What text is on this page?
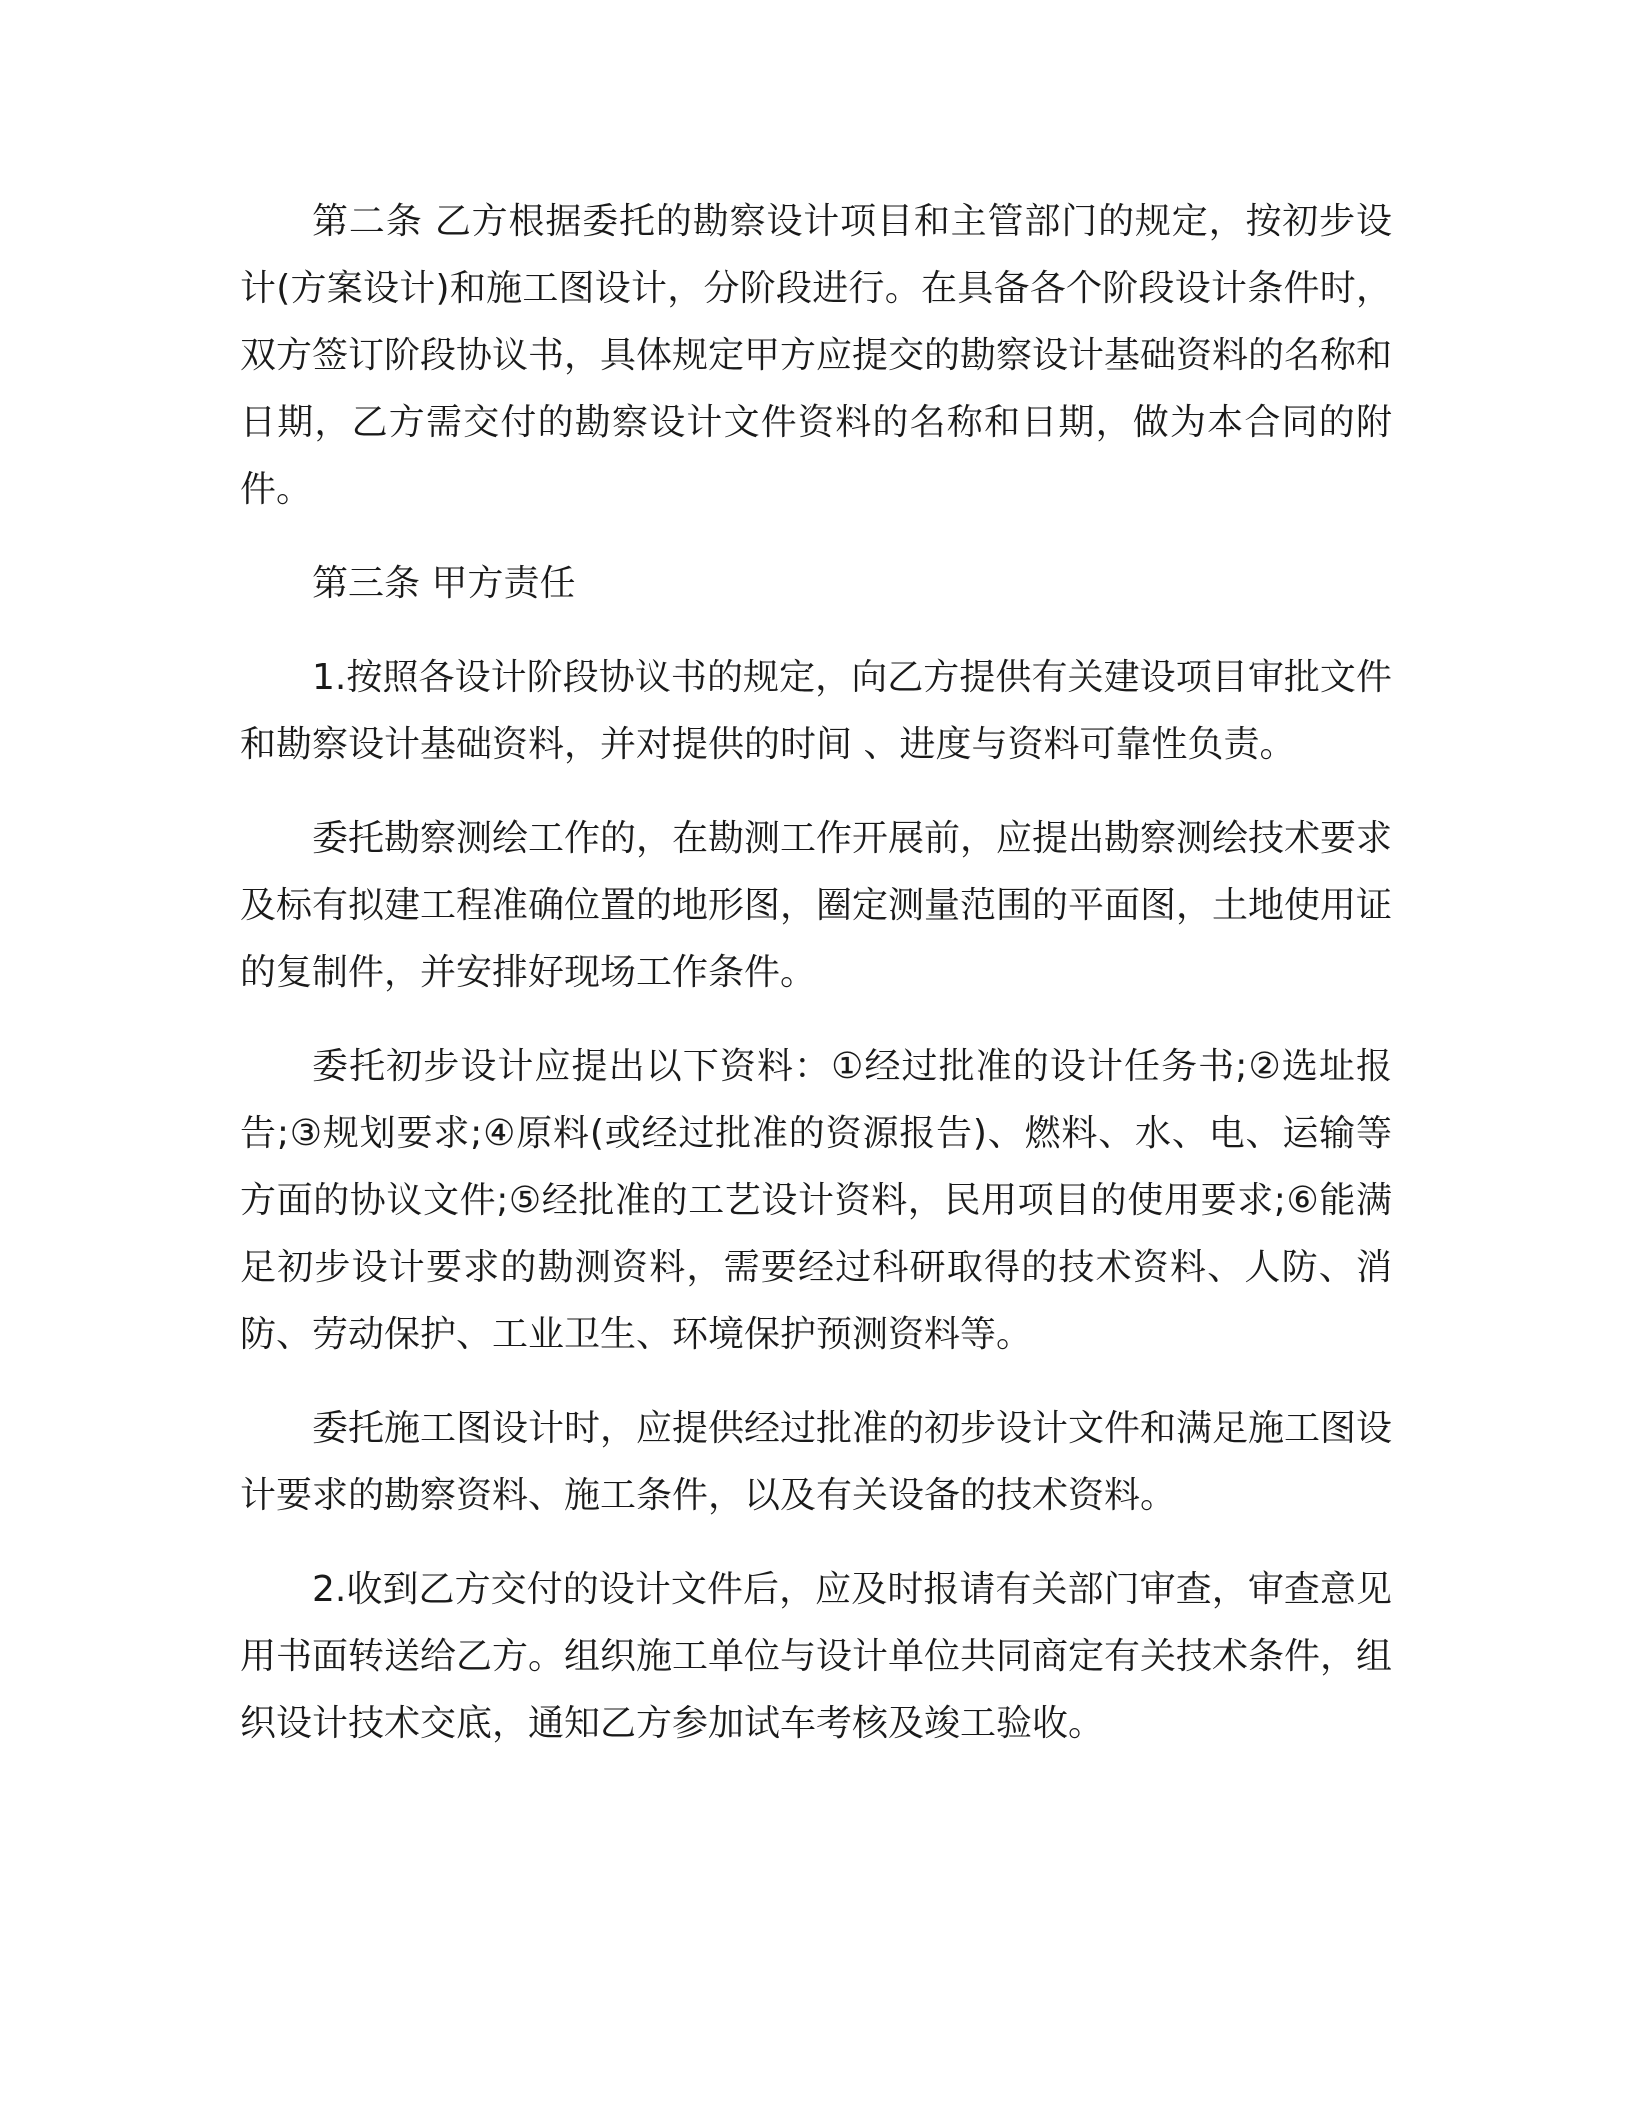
第二条 乙方根据委托的勘察设计项目和主管部门的规定，按初步设计(方案设计)和施工图设计，分阶段进行。在具备各个阶段设计条件时，双方签订阶段协议书，具体规定甲方应提交的勘察设计基础资料的名称和日期，乙方需交付的勘察设计文件资料的名称和日期，做为本合同的附件。

第三条 甲方责任

1.按照各设计阶段协议书的规定，向乙方提供有关建设项目审批文件和勘察设计基础资料，并对提供的时间 、进度与资料可靠性负责。

委托勘察测绘工作的，在勘测工作开展前，应提出勘察测绘技术要求及标有拟建工程准确位置的地形图，圈定测量范围的平面图，土地使用证的复制件，并安排好现场工作条件。

委托初步设计应提出以下资料：①经过批准的设计任务书;②选址报告;③规划要求;④原料(或经过批准的资源报告)、燃料、水、电、运输等方面的协议文件;⑤经批准的工艺设计资料，民用项目的使用要求;⑥能满足初步设计要求的勘测资料，需要经过科研取得的技术资料、人防、消防、劳动保护、工业卫生、环境保护预测资料等。

委托施工图设计时，应提供经过批准的初步设计文件和满足施工图设计要求的勘察资料、施工条件，以及有关设备的技术资料。

2.收到乙方交付的设计文件后，应及时报请有关部门审查，审查意见用书面转送给乙方。组织施工单位与设计单位共同商定有关技术条件，组织设计技术交底，通知乙方参加试车考核及竣工验收。
